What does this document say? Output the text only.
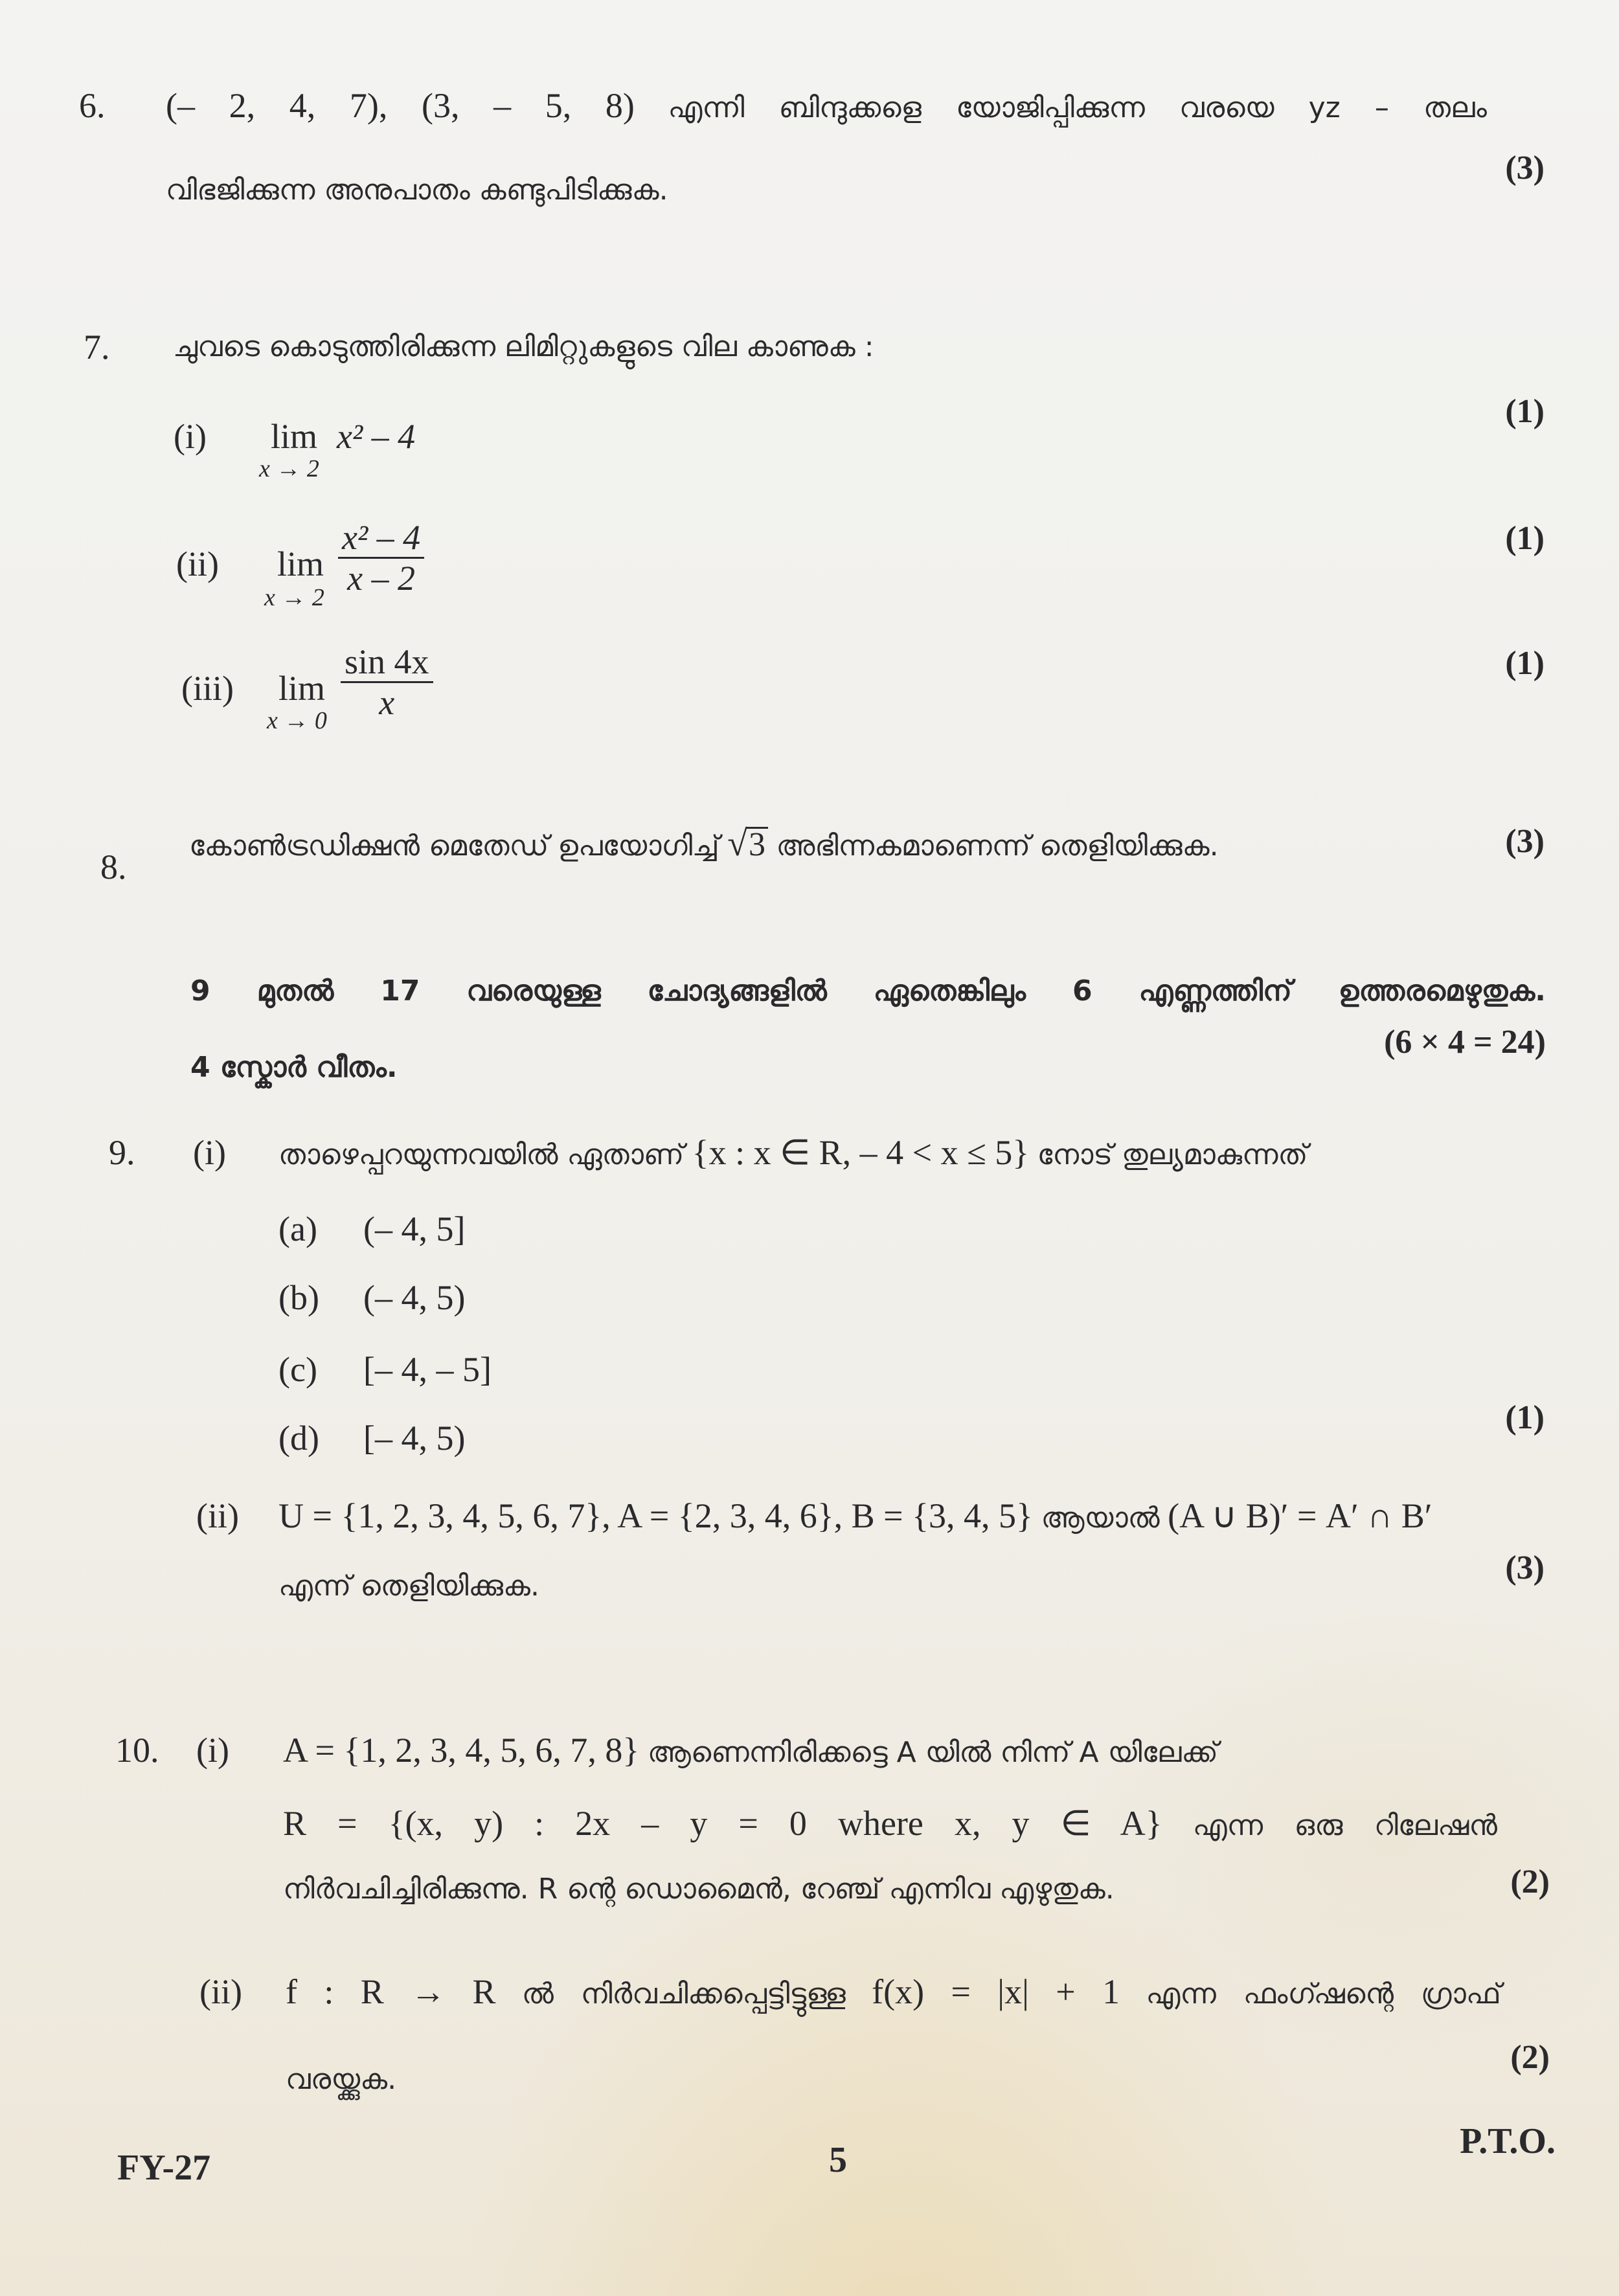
6. (– 2, 4, 7), (3, – 5, 8) എന്നി ബിന്ദുക്കളെ യോജിപ്പിക്കുന്ന വരയെ yz – തലം
വിഭജിക്കുന്ന അനുപാതം കണ്ടുപിടിക്കുക.
(3)
7. ചുവടെ കൊടുത്തിരിക്കുന്ന ലിമിറ്റുകളുടെ വില കാണുക :
(i) lim
x → 2
x² – 4
(1)
(ii) lim
$x \to 2 \frac{\text{x² – 4}}{x - 2}$	(1)
(iii) lim
$x \to 0 \frac{\sin 4x}{x}$	(1)
8.
കോൺട്രഡിക്ഷൻ മെതേഡ് ഉപയോഗിച്ച് √3 അഭിന്നകമാണെന്ന് തെളിയിക്കുക.	(3)
9 മുതൽ 17 വരെയുള്ള ചോദ്യങ്ങളിൽ ഏതെങ്കിലും 6 എണ്ണത്തിന് ഉത്തരമെഴുതുക.
4 സ്കോർ വീതം.
(6 × 4 = 24)
9. (i) താഴെപ്പറയുന്നവയിൽ ഏതാണ് {x : x ∈ R, – 4 < x ≤ 5} നോട് തുല്യമാകുന്നത്
(a) (– 4, 5]
(b) (– 4, 5)
(c) [– 4, – 5]
(d) [– 4, 5)
(1)
(ii) U = {1, 2, 3, 4, 5, 6, 7}, A = {2, 3, 4, 6}, B = {3, 4, 5} ആയാൽ (A ∪ B)′ = A′ ∩ B′
എന്ന് തെളിയിക്കുക.	(3)
10. (i) A = {1, 2, 3, 4, 5, 6, 7, 8} ആണെന്നിരിക്കട്ടെ A യിൽ നിന്ന് A യിലേക്ക്
R = {(x, y) : 2x – y = 0 where x, y ∈ A} എന്ന ഒരു റിലേഷൻ
നിർവചിച്ചിരിക്കുന്നു. R ന്റെ ഡൊമൈൻ, റേഞ്ച് എന്നിവ എഴുതുക.	(2)
(ii) f : R → R ൽ നിർവചിക്കപ്പെട്ടിട്ടുള്ള f(x) = |x| + 1 എന്ന ഫംഗ്ഷന്റെ ഗ്രാഫ്
വരയ്ക്കുക.
(2)
FY-27	5	P.T.O.
